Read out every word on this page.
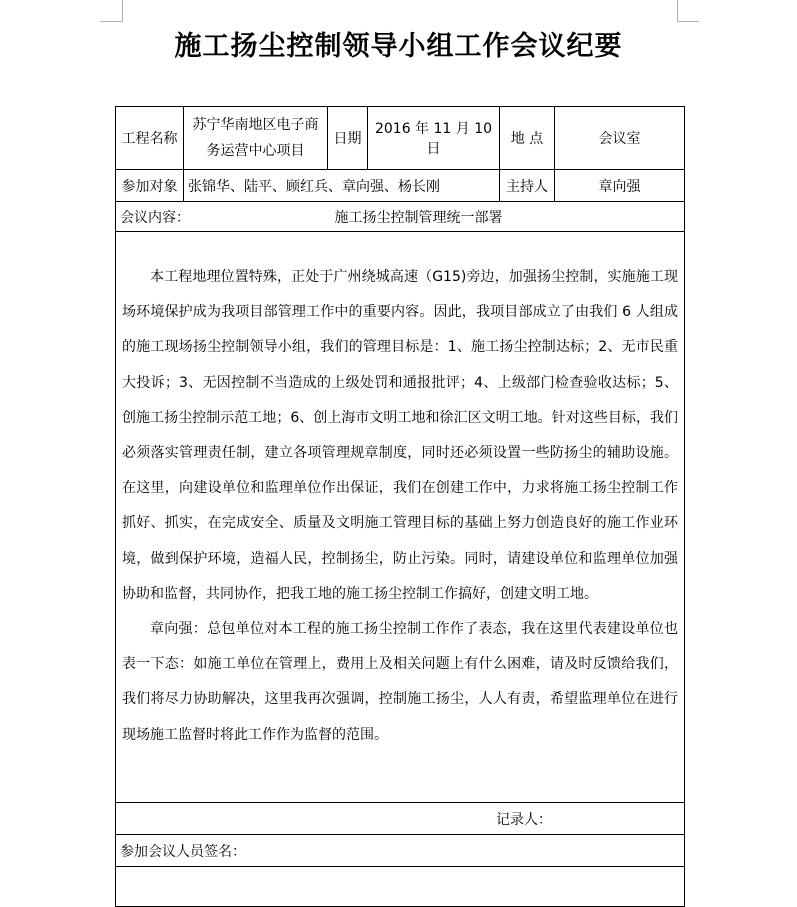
施工扬尘控制领导小组工作会议纪要
工程名称	苏宁华南地区电子商务运营中心项目	日期	2016 年 11 月 10 日	地 点	会议室
参加对象	张锦华、陆平、顾红兵、章向强、杨长刚			主持人	章向强
会议内容： 施工扬尘控制管理统一部署					

本工程地理位置特殊，正处于广州绕城高速（G15)旁边，加强扬尘控制，实施施工现场环境保护成为我项目部管理工作中的重要内容。因此，我项目部成立了由我们 6 人组成的施工现场扬尘控制领导小组，我们的管理目标是：1、施工扬尘控制达标；2、无市民重大投诉；3、无因控制不当造成的上级处罚和通报批评；4、上级部门检查验收达标；5、创施工扬尘控制示范工地；6、创上海市文明工地和徐汇区文明工地。针对这些目标，我们必须落实管理责任制，建立各项管理规章制度，同时还必须设置一些防扬尘的辅助设施。在这里，向建设单位和监理单位作出保证，我们在创建工作中，力求将施工扬尘控制工作抓好、抓实，在完成安全、质量及文明施工管理目标的基础上努力创造良好的施工作业环境，做到保护环境，造福人民，控制扬尘，防止污染。同时，请建设单位和监理单位加强协助和监督，共同协作，把我工地的施工扬尘控制工作搞好，创建文明工地。

章向强：总包单位对本工程的施工扬尘控制工作作了表态，我在这里代表建设单位也表一下态：如施工单位在管理上，费用上及相关问题上有什么困难，请及时反馈给我们，我们将尽力协助解决，这里我再次强调，控制施工扬尘，人人有责，希望监理单位在进行现场施工监督时将此工作作为监督的范围。					

记录人：					
参加会议人员签名：					
